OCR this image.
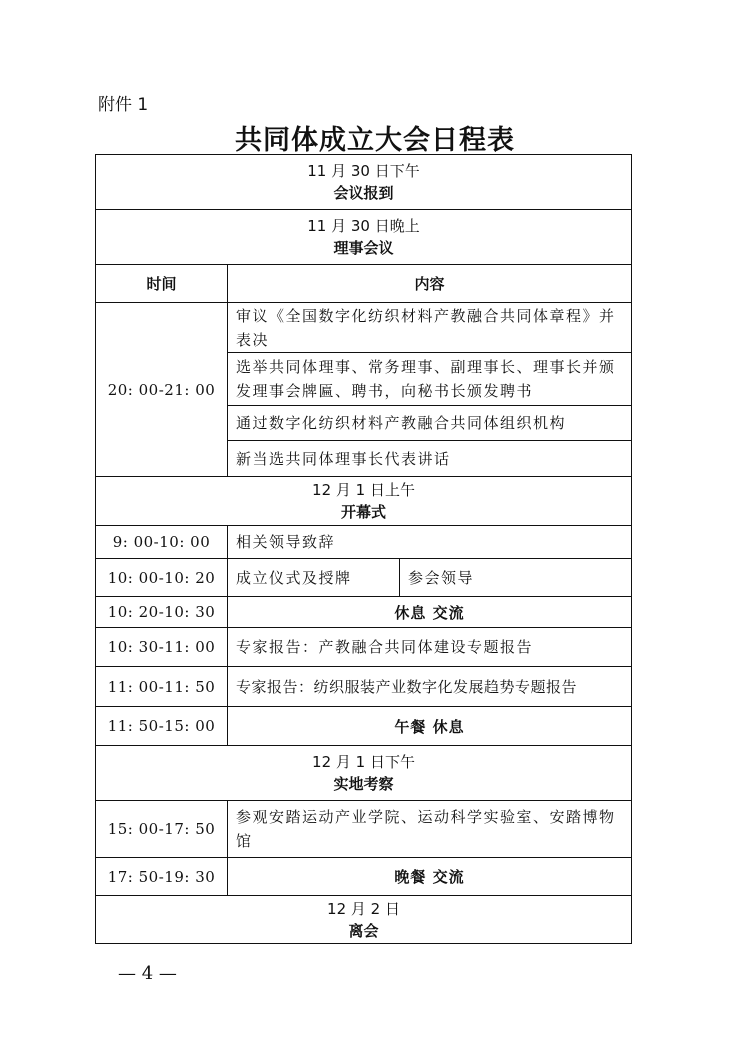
附件 1
共同体成立大会日程表
11 月 30 日下午
会议报到		

11 月 30 日晚上
理事会议		

时间	内容	
20: 00-21: 00	审议《全国数字化纺织材料产教融合共同体章程》并表决	
	选举共同体理事、常务理事、副理事长、理事长并颁发理事会牌匾、聘书，向秘书长颁发聘书	
	通过数字化纺织材料产教融合共同体组织机构	
	新当选共同体理事长代表讲话	

12 月 1 日上午
开幕式		

9: 00-10: 00	相关领导致辞	
10: 00-10: 20	成立仪式及授牌	参会领导
10: 20-10: 30	休息 交流	
10: 30-11: 00	专家报告：产教融合共同体建设专题报告	
11: 00-11: 50	专家报告：纺织服装产业数字化发展趋势专题报告	
11: 50-15: 00	午餐 休息	

12 月 1 日下午
实地考察		

15: 00-17: 50	参观安踏运动产业学院、运动科学实验室、安踏博物馆	
17: 50-19: 30	晚餐 交流	

12 月 2 日
离会		
— 4 —
